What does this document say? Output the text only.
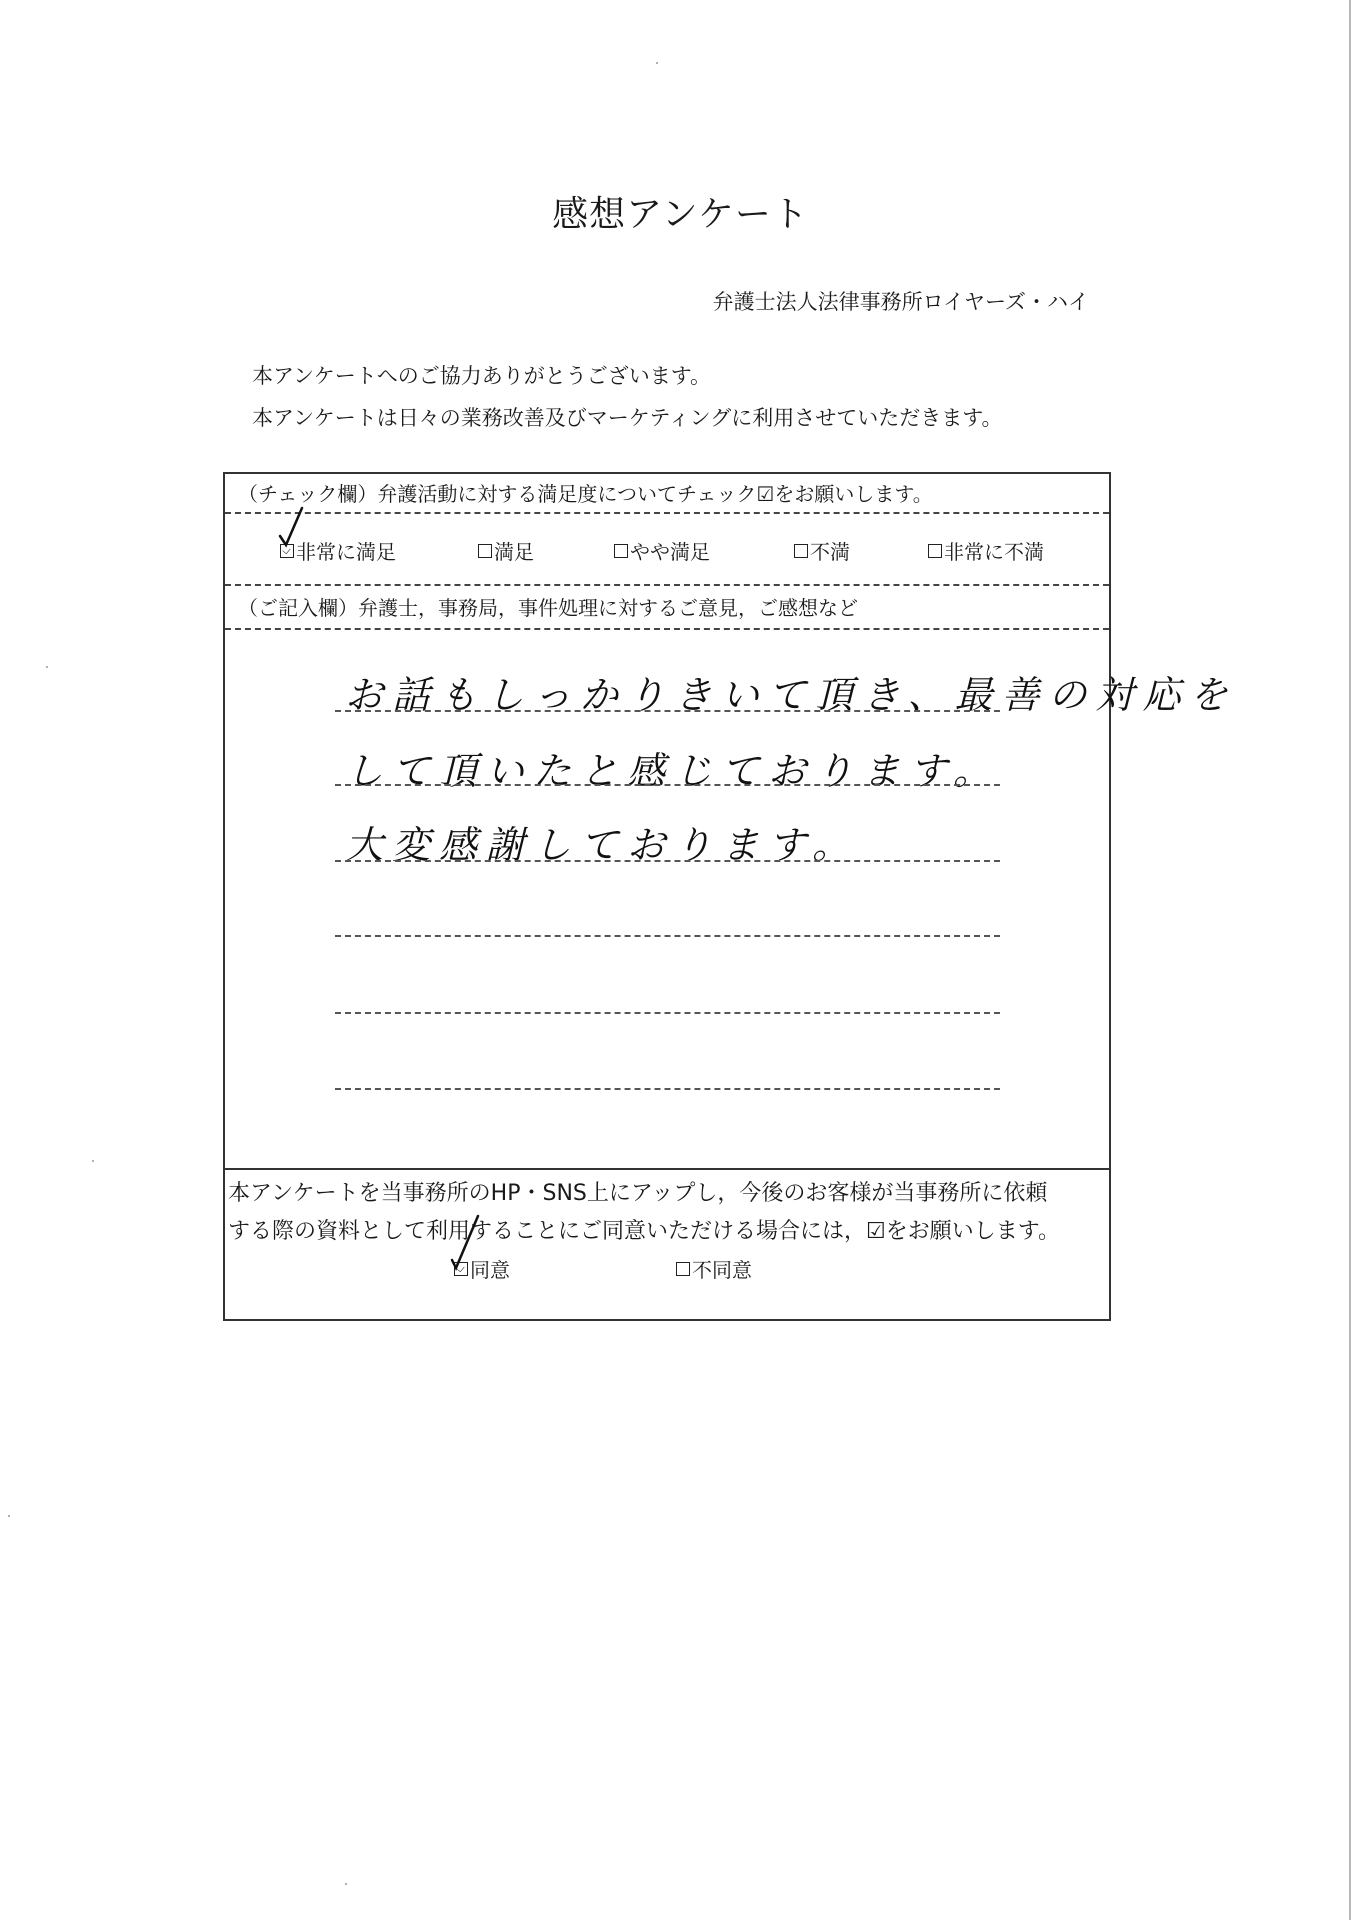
感想アンケート
弁護士法人法律事務所ロイヤーズ・ハイ
本アンケートへのご協力ありがとうございます。
本アンケートは日々の業務改善及びマーケティングに利用させていただきます。
（チェック欄）弁護活動に対する満足度についてチェック☑をお願いします。
非常に満足	満足	やや満足	不満	非常に不満
（ご記入欄）弁護士，事務局，事件処理に対するご意見，ご感想など
お話もしっかりきいて頂き、最善の対応を
して頂いたと感じております。
大変感謝しております。
本アンケートを当事務所のHP・SNS上にアップし，今後のお客様が当事務所に依頼
する際の資料として利用することにご同意いただける場合には，☑をお願いします。
同意	不同意
